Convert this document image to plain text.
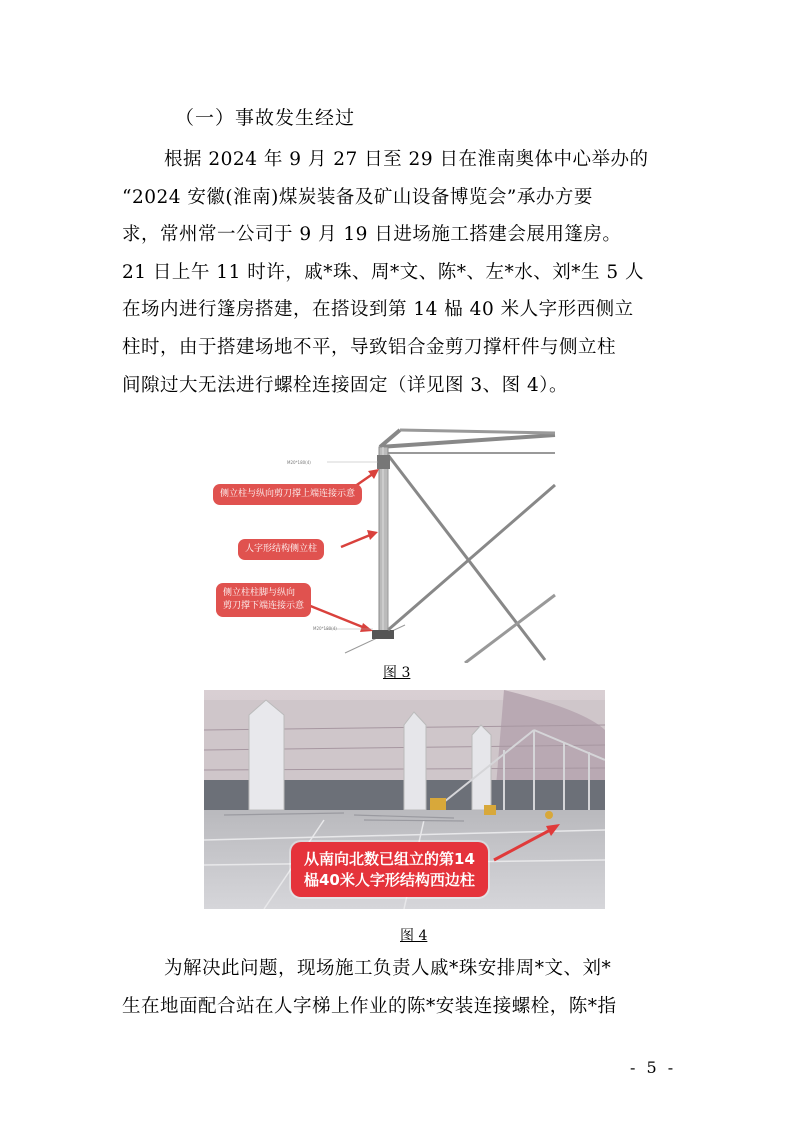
（一）事故发生经过
根据 2024 年 9 月 27 日至 29 日在淮南奥体中心举办的
“2024 安徽(淮南)煤炭装备及矿山设备博览会”承办方要
求，常州常一公司于 9 月 19 日进场施工搭建会展用篷房。
21 日上午 11 时许，戚*珠、周*文、陈*、左*水、刘*生 5 人
在场内进行篷房搭建，在搭设到第 14 榀 40 米人字形西侧立
柱时，由于搭建场地不平，导致铝合金剪刀撑杆件与侧立柱
间隙过大无法进行螺栓连接固定（详见图 3、图 4）。
M20*180(4)
M20*180(4)
侧立柱与纵向剪刀撑上端连接示意
人字形结构侧立柱
侧立柱柱脚与纵向
剪刀撑下端连接示意
图 3
从南向北数已组立的第14
榀40米人字形结构西边柱
图 4
为解决此问题，现场施工负责人戚*珠安排周*文、刘*
生在地面配合站在人字梯上作业的陈*安装连接螺栓，陈*指
- 5 -
